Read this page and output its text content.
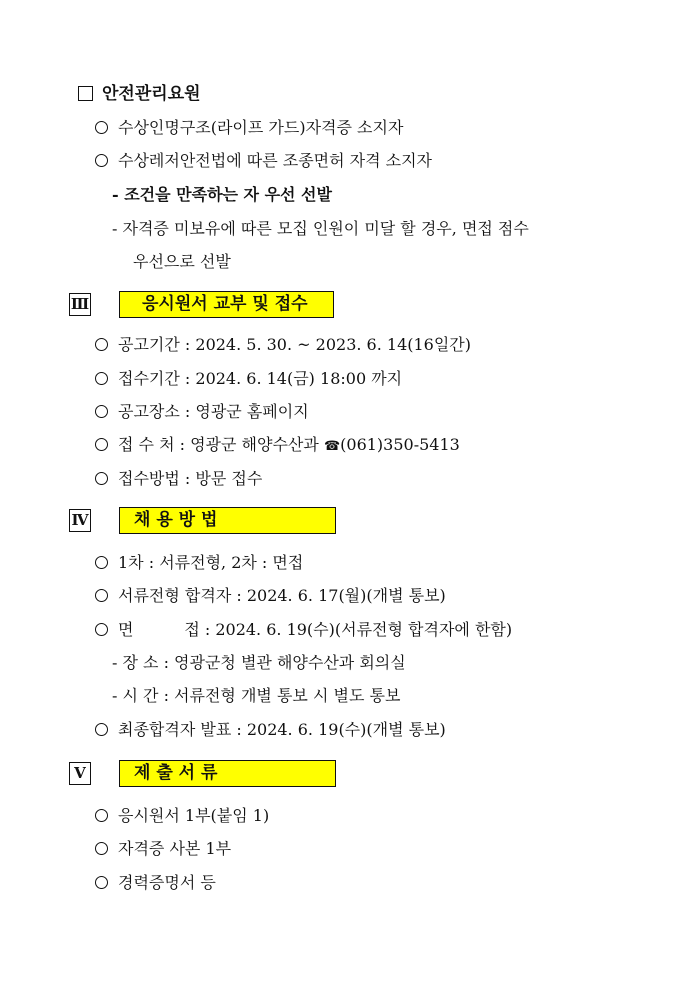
안전관리요원
수상인명구조(라이프 가드)자격증 소지자
수상레저안전법에 따른 조종면허 자격 소지자
- 조건을 만족하는 자 우선 선발
- 자격증 미보유에 따른 모집 인원이 미달 할 경우, 면접 점수
우선으로 선발
Ⅲ	응시원서 교부 및 접수
공고기간 : 2024. 5. 30. ~ 2023. 6. 14(16일간)
접수기간 : 2024. 6. 14(금) 18:00 까지
공고장소 : 영광군 홈페이지
접 수 처 : 영광군 해양수산과 ☎(061)350-5413
접수방법 : 방문 접수
Ⅳ	채 용 방 법
1차 : 서류전형, 2차 : 면접
서류전형 합격자 : 2024. 6. 17(월)(개별 통보)
면          접 : 2024. 6. 19(수)(서류전형 합격자에 한함)
- 장 소 : 영광군청 별관 해양수산과 회의실
- 시 간 : 서류전형 개별 통보 시 별도 통보
최종합격자 발표 : 2024. 6. 19(수)(개별 통보)
Ⅴ	제 출 서 류
응시원서 1부(붙임 1)
자격증 사본 1부
경력증명서 등
